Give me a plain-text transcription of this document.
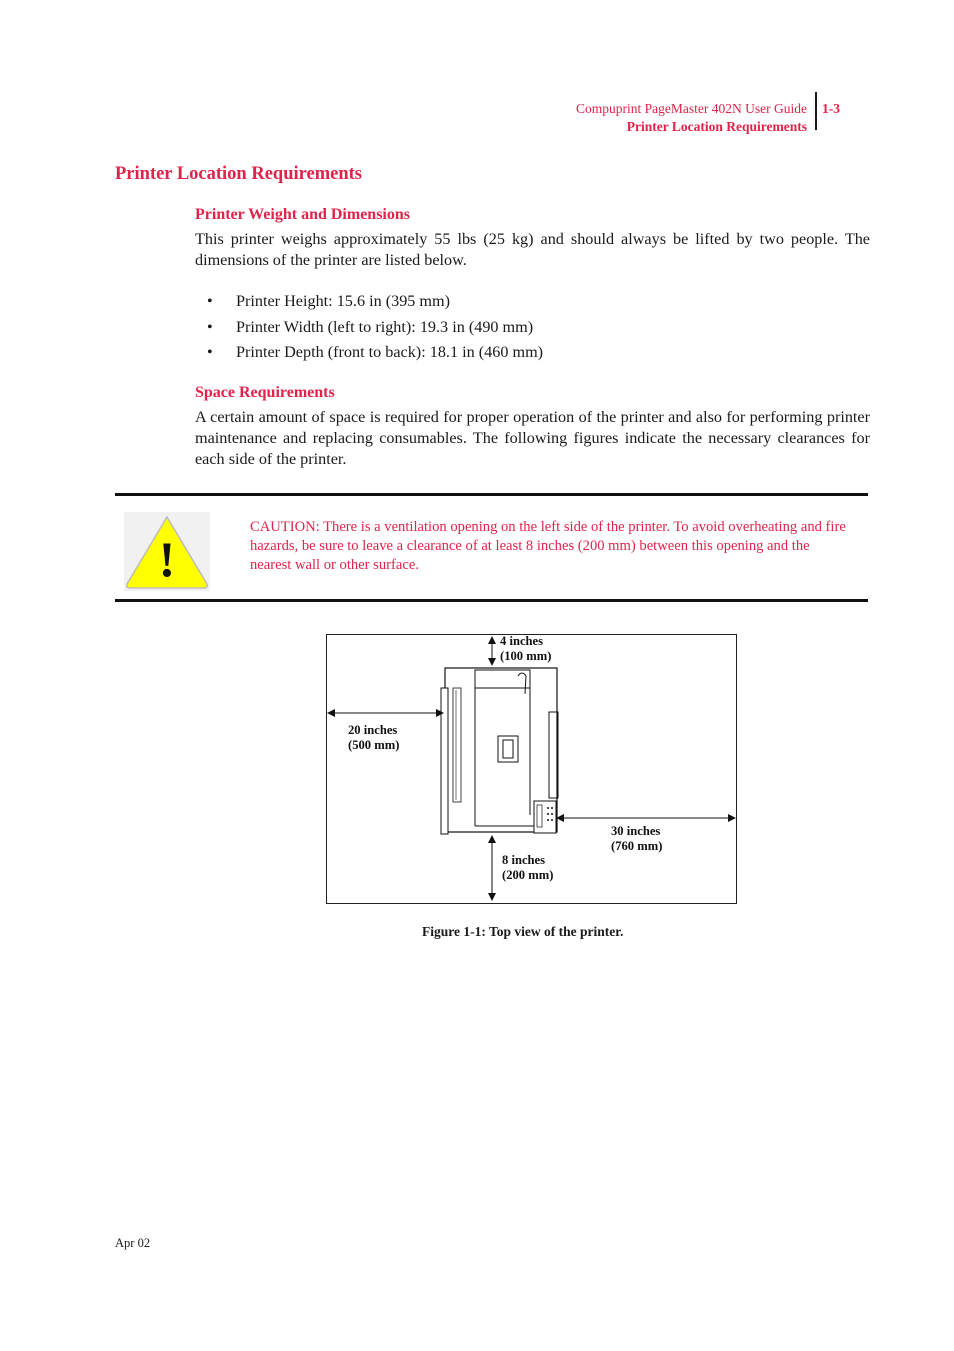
Compuprint PageMaster 402N User Guide
Printer Location Requirements
1-3
Printer Location Requirements
Printer Weight and Dimensions
This printer weighs approximately 55 lbs (25 kg) and should always be lifted by two people. The dimensions of the printer are listed below.
• Printer Height: 15.6 in (395 mm)
• Printer Width (left to right): 19.3 in (490 mm)
• Printer Depth (front to back): 18.1 in (460 mm)
Space Requirements
A certain amount of space is required for proper operation of the printer and also for performing printer maintenance and replacing consumables. The following figures indicate the necessary clearances for each side of the printer.
!
CAUTION: There is a ventilation opening on the left side of the printer. To avoid overheating and fire hazards, be sure to leave a clearance of at least 8 inches (200 mm) between this opening and the nearest wall or other surface.
4 inches
(100 mm)
20 inches
(500 mm)
30 inches
(760 mm)
8 inches
(200 mm)
Figure 1-1: Top view of the printer.
Apr 02
